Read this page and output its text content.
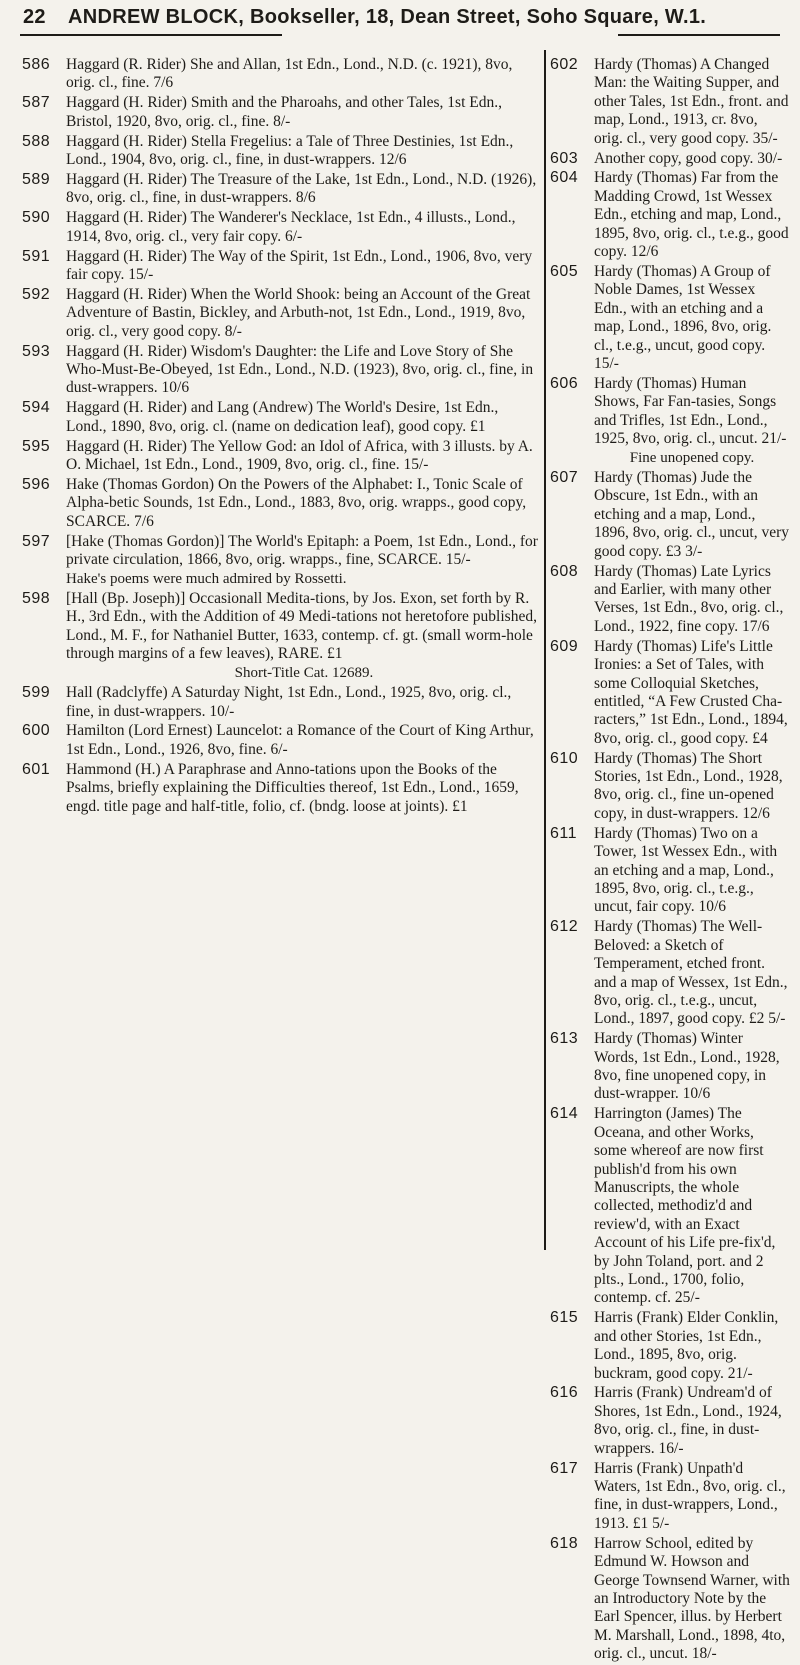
22 ANDREW BLOCK, Bookseller, 18, Dean Street, Soho Square, W.1.
586	Haggard (R. Rider) She and Allan, 1st Edn., Lond., N.D. (c. 1921), 8vo, orig. cl., fine. 7/6
587	Haggard (H. Rider) Smith and the Pharoahs, and other Tales, 1st Edn., Bristol, 1920, 8vo, orig. cl., fine. 8/-
588	Haggard (H. Rider) Stella Fregelius: a Tale of Three Destinies, 1st Edn., Lond., 1904, 8vo, orig. cl., fine, in dust-wrappers. 12/6
589	Haggard (H. Rider) The Treasure of the Lake, 1st Edn., Lond., N.D. (1926), 8vo, orig. cl., fine, in dust-wrappers. 8/6
590	Haggard (H. Rider) The Wanderer's Necklace, 1st Edn., 4 illusts., Lond., 1914, 8vo, orig. cl., very fair copy. 6/-
591	Haggard (H. Rider) The Way of the Spirit, 1st Edn., Lond., 1906, 8vo, very fair copy. 15/-
592	Haggard (H. Rider) When the World Shook: being an Account of the Great Adventure of Bastin, Bickley, and Arbuth-not, 1st Edn., Lond., 1919, 8vo, orig. cl., very good copy. 8/-
593	Haggard (H. Rider) Wisdom's Daughter: the Life and Love Story of She Who-Must-Be-Obeyed, 1st Edn., Lond., N.D. (1923), 8vo, orig. cl., fine, in dust-wrappers. 10/6
594	Haggard (H. Rider) and Lang (Andrew) The World's Desire, 1st Edn., Lond., 1890, 8vo, orig. cl. (name on dedication leaf), good copy. £1
595	Haggard (H. Rider) The Yellow God: an Idol of Africa, with 3 illusts. by A. O. Michael, 1st Edn., Lond., 1909, 8vo, orig. cl., fine. 15/-
596	Hake (Thomas Gordon) On the Powers of the Alphabet: I., Tonic Scale of Alpha-betic Sounds, 1st Edn., Lond., 1883, 8vo, orig. wrapps., good copy, SCARCE. 7/6
597	[Hake (Thomas Gordon)] The World's Epitaph: a Poem, 1st Edn., Lond., for private circulation, 1866, 8vo, orig. wrapps., fine, SCARCE. 15/-
Hake's poems were much admired by Rossetti.
598	[Hall (Bp. Joseph)] Occasionall Medita-tions, by Jos. Exon, set forth by R. H., 3rd Edn., with the Addition of 49 Medi-tations not heretofore published, Lond., M. F., for Nathaniel Butter, 1633, contemp. cf. gt. (small worm-hole through margins of a few leaves), RARE. £1
Short-Title Cat. 12689.
599	Hall (Radclyffe) A Saturday Night, 1st Edn., Lond., 1925, 8vo, orig. cl., fine, in dust-wrappers. 10/-
600	Hamilton (Lord Ernest) Launcelot: a Romance of the Court of King Arthur, 1st Edn., Lond., 1926, 8vo, fine. 6/-
601	Hammond (H.) A Paraphrase and Anno-tations upon the Books of the Psalms, briefly explaining the Difficulties thereof, 1st Edn., Lond., 1659, engd. title page and half-title, folio, cf. (bndg. loose at joints). £1
602	Hardy (Thomas) A Changed Man: the Waiting Supper, and other Tales, 1st Edn., front. and map, Lond., 1913, cr. 8vo, orig. cl., very good copy. 35/-
603	Another copy, good copy. 30/-
604	Hardy (Thomas) Far from the Madding Crowd, 1st Wessex Edn., etching and map, Lond., 1895, 8vo, orig. cl., t.e.g., good copy. 12/6
605	Hardy (Thomas) A Group of Noble Dames, 1st Wessex Edn., with an etching and a map, Lond., 1896, 8vo, orig. cl., t.e.g., uncut, good copy. 15/-
606	Hardy (Thomas) Human Shows, Far Fan-tasies, Songs and Trifles, 1st Edn., Lond., 1925, 8vo, orig. cl., uncut. 21/-
Fine unopened copy.
607	Hardy (Thomas) Jude the Obscure, 1st Edn., with an etching and a map, Lond., 1896, 8vo, orig. cl., uncut, very good copy. £3 3/-
608	Hardy (Thomas) Late Lyrics and Earlier, with many other Verses, 1st Edn., 8vo, orig. cl., Lond., 1922, fine copy. 17/6
609	Hardy (Thomas) Life's Little Ironies: a Set of Tales, with some Colloquial Sketches, entitled, “A Few Crusted Cha-racters,” 1st Edn., Lond., 1894, 8vo, orig. cl., good copy. £4
610	Hardy (Thomas) The Short Stories, 1st Edn., Lond., 1928, 8vo, orig. cl., fine un-opened copy, in dust-wrappers. 12/6
611	Hardy (Thomas) Two on a Tower, 1st Wessex Edn., with an etching and a map, Lond., 1895, 8vo, orig. cl., t.e.g., uncut, fair copy. 10/6
612	Hardy (Thomas) The Well-Beloved: a Sketch of Temperament, etched front. and a map of Wessex, 1st Edn., 8vo, orig. cl., t.e.g., uncut, Lond., 1897, good copy. £2 5/-
613	Hardy (Thomas) Winter Words, 1st Edn., Lond., 1928, 8vo, fine unopened copy, in dust-wrapper. 10/6
614	Harrington (James) The Oceana, and other Works, some whereof are now first publish'd from his own Manuscripts, the whole collected, methodiz'd and review'd, with an Exact Account of his Life pre-fix'd, by John Toland, port. and 2 plts., Lond., 1700, folio, contemp. cf. 25/-
615	Harris (Frank) Elder Conklin, and other Stories, 1st Edn., Lond., 1895, 8vo, orig. buckram, good copy. 21/-
616	Harris (Frank) Undream'd of Shores, 1st Edn., Lond., 1924, 8vo, orig. cl., fine, in dust-wrappers. 16/-
617	Harris (Frank) Unpath'd Waters, 1st Edn., 8vo, orig. cl., fine, in dust-wrappers, Lond., 1913. £1 5/-
618	Harrow School, edited by Edmund W. Howson and George Townsend Warner, with an Introductory Note by the Earl Spencer, illus. by Herbert M. Marshall, Lond., 1898, 4to, orig. cl., uncut. 18/-
